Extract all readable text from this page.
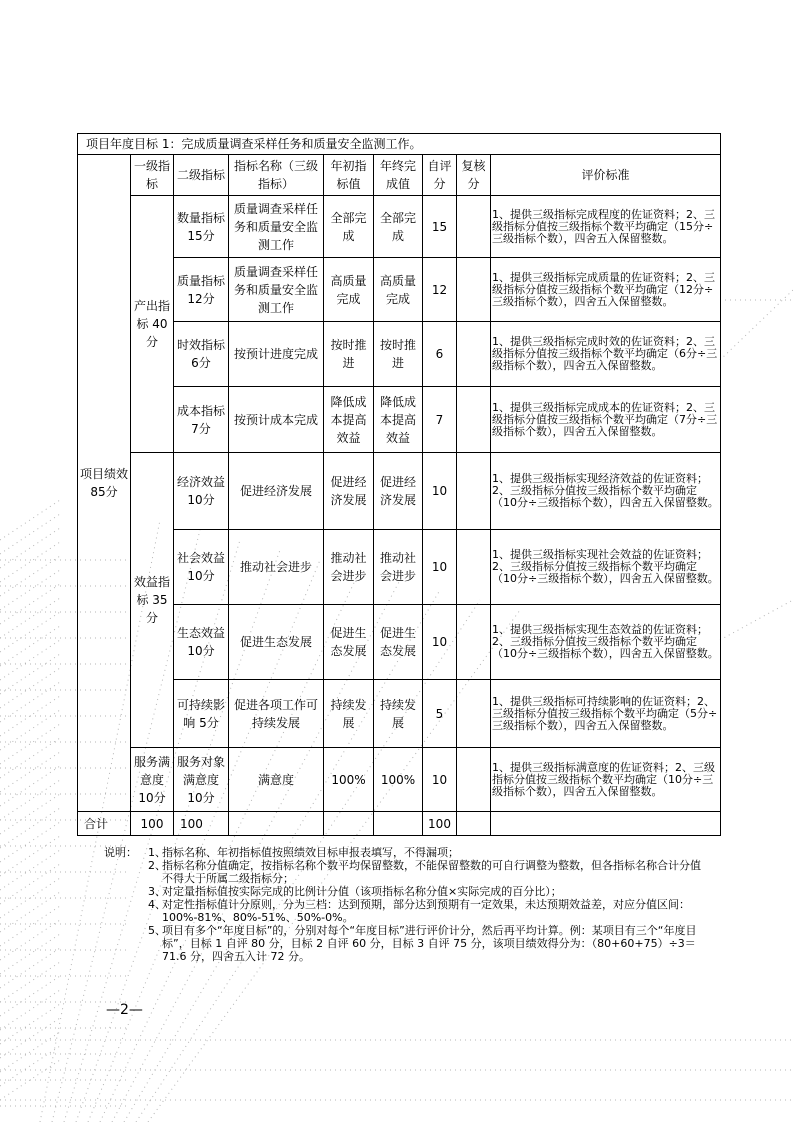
项目年度目标 1：完成质量调查采样任务和质量安全监测工作。								
项目绩效85分	一级指标	二级指标	指标名称（三级指标）	年初指标值	年终完成值	自评分	复核分	评价标准
	产出指标 40分	数量指标 15分	质量调查采样任务和质量安全监测工作	全部完成	全部完成	15		1、提供三级指标完成程度的佐证资料；2、三级指标分值按三级指标个数平均确定（15分÷三级指标个数），四舍五入保留整数。
		质量指标 12分	质量调查采样任务和质量安全监测工作	高质量完成	高质量完成	12		1、提供三级指标完成质量的佐证资料；2、三级指标分值按三级指标个数平均确定（12分÷三级指标个数），四舍五入保留整数。
		时效指标 6分	按预计进度完成	按时推进	按时推进	6		1、提供三级指标完成时效的佐证资料；2、三级指标分值按三级指标个数平均确定（6分÷三级指标个数），四舍五入保留整数。
		成本指标 7分	按预计成本完成	降低成本提高效益	降低成本提高效益	7		1、提供三级指标完成成本的佐证资料；2、三级指标分值按三级指标个数平均确定（7分÷三级指标个数），四舍五入保留整数。
	效益指标 35分	经济效益 10分	促进经济发展	促进经济发展	促进经济发展	10		1、提供三级指标实现经济效益的佐证资料；2、三级指标分值按三级指标个数平均确定（10分÷三级指标个数），四舍五入保留整数。
		社会效益 10分	推动社会进步	推动社会进步	推动社会进步	10		1、提供三级指标实现社会效益的佐证资料；2、三级指标分值按三级指标个数平均确定（10分÷三级指标个数），四舍五入保留整数。
		生态效益 10分	促进生态发展	促进生态发展	促进生态发展	10		1、提供三级指标实现生态效益的佐证资料；2、三级指标分值按三级指标个数平均确定（10分÷三级指标个数），四舍五入保留整数。
		可持续影响 5分	促进各项工作可持续发展	持续发展	持续发展	5		1、提供三级指标可持续影响的佐证资料；2、三级指标分值按三级指标个数平均确定（5分÷三级指标个数），四舍五入保留整数。
	服务满意度 10分	服务对象满意度 10分	满意度	100%	100%	10		1、提供三级指标满意度的佐证资料；2、三级指标分值按三级指标个数平均确定（10分÷三级指标个数），四舍五入保留整数。
合计	100	100				100		
说明：	1、
指标名称、年初指标值按照绩效目标申报表填写，不得漏项；
2、
指标名称分值确定，按指标名称个数平均保留整数，不能保留整数的可自行调整为整数，但各指标名称合计分值不得大于所属二级指标分；
3、
对定量指标值按实际完成的比例计分值（该项指标名称分值×实际完成的百分比）；
4、
对定性指标值计分原则，分为三档：达到预期，部分达到预期有一定效果，未达预期效益差，对应分值区间：100%-81%、80%-51%、50%-0%。
5、
项目有多个“年度目标”的，分别对每个“年度目标”进行评价计分，然后再平均计算。例：某项目有三个“年度目标”，目标 1 自评 80 分，目标 2 自评 60 分，目标 3 自评 75 分，该项目绩效得分为：（80+60+75）÷3＝71.6 分，四舍五入计 72 分。
—2—
